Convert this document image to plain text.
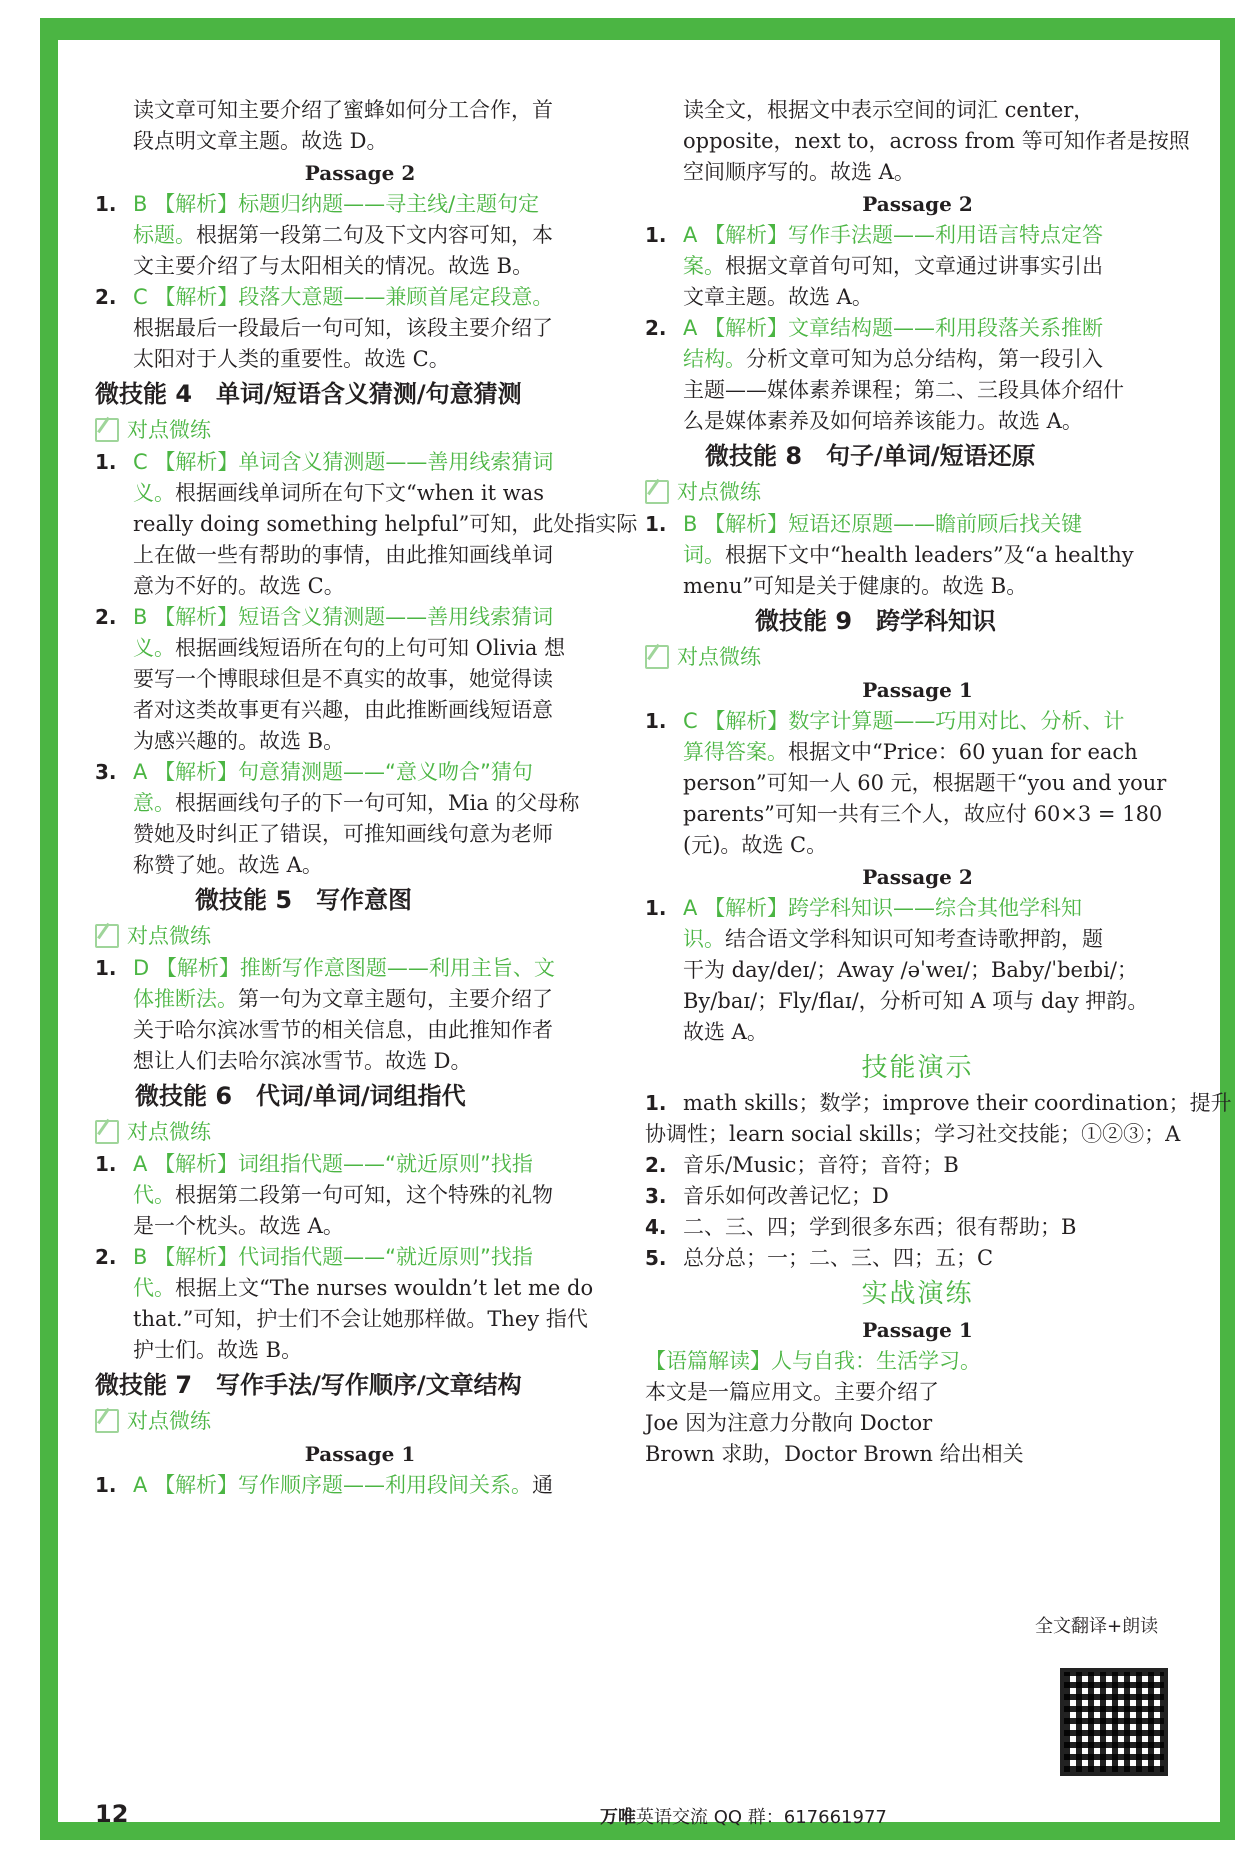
读文章可知主要介绍了蜜蜂如何分工合作，首
段点明文章主题。故选 D。
Passage 2
1. B 【解析】标题归纳题——寻主线/主题句定
标题。根据第一段第二句及下文内容可知，本
文主要介绍了与太阳相关的情况。故选 B。
2. C 【解析】段落大意题——兼顾首尾定段意。
根据最后一段最后一句可知，该段主要介绍了
太阳对于人类的重要性。故选 C。
微技能 4　单词/短语含义猜测/句意猜测
对点微练
1. C 【解析】单词含义猜测题——善用线索猜词
义。根据画线单词所在句下文“when it was
really doing something helpful”可知，此处指实际
上在做一些有帮助的事情，由此推知画线单词
意为不好的。故选 C。
2. B 【解析】短语含义猜测题——善用线索猜词
义。根据画线短语所在句的上句可知 Olivia 想
要写一个博眼球但是不真实的故事，她觉得读
者对这类故事更有兴趣，由此推断画线短语意
为感兴趣的。故选 B。
3. A 【解析】句意猜测题——“意义吻合”猜句
意。根据画线句子的下一句可知，Mia 的父母称
赞她及时纠正了错误，可推知画线句意为老师
称赞了她。故选 A。
微技能 5　写作意图
对点微练
1. D 【解析】推断写作意图题——利用主旨、文
体推断法。第一句为文章主题句，主要介绍了
关于哈尔滨冰雪节的相关信息，由此推知作者
想让人们去哈尔滨冰雪节。故选 D。
微技能 6　代词/单词/词组指代
对点微练
1. A 【解析】词组指代题——“就近原则”找指
代。根据第二段第一句可知，这个特殊的礼物
是一个枕头。故选 A。
2. B 【解析】代词指代题——“就近原则”找指
代。根据上文“The nurses wouldn’t let me do
that.”可知，护士们不会让她那样做。They 指代
护士们。故选 B。
微技能 7　写作手法/写作顺序/文章结构
对点微练
Passage 1
1. A 【解析】写作顺序题——利用段间关系。通
读全文，根据文中表示空间的词汇 center，
opposite，next to，across from 等可知作者是按照
空间顺序写的。故选 A。
Passage 2
1. A 【解析】写作手法题——利用语言特点定答
案。根据文章首句可知，文章通过讲事实引出
文章主题。故选 A。
2. A 【解析】文章结构题——利用段落关系推断
结构。分析文章可知为总分结构，第一段引入
主题——媒体素养课程；第二、三段具体介绍什
么是媒体素养及如何培养该能力。故选 A。
微技能 8　句子/单词/短语还原
对点微练
1. B 【解析】短语还原题——瞻前顾后找关键
词。根据下文中“health leaders”及“a healthy
menu”可知是关于健康的。故选 B。
微技能 9　跨学科知识
对点微练
Passage 1
1. C 【解析】数字计算题——巧用对比、分析、计
算得答案。根据文中“Price：60 yuan for each
person”可知一人 60 元，根据题干“you and your
parents”可知一共有三个人，故应付 60×3 = 180
(元)。故选 C。
Passage 2
1. A 【解析】跨学科知识——综合其他学科知
识。结合语文学科知识可知考查诗歌押韵，题
干为 day/deɪ/；Away /əˈweɪ/；Baby/ˈbeɪbi/；
By/baɪ/；Fly/flaɪ/，分析可知 A 项与 day 押韵。
故选 A。
技能演示
1. math skills；数学；improve their coordination；提升
协调性；learn social skills；学习社交技能；①②③；A
2. 音乐/Music；音符；音符；B
3. 音乐如何改善记忆；D
4. 二、三、四；学到很多东西；很有帮助；B
5. 总分总；一；二、三、四；五；C
实战演练
Passage 1
【语篇解读】人与自我：生活学习。
本文是一篇应用文。主要介绍了
Joe 因为注意力分散向 Doctor
Brown 求助，Doctor Brown 给出相关
全文翻译+朗读
12	万唯英语交流 QQ 群：617661977
